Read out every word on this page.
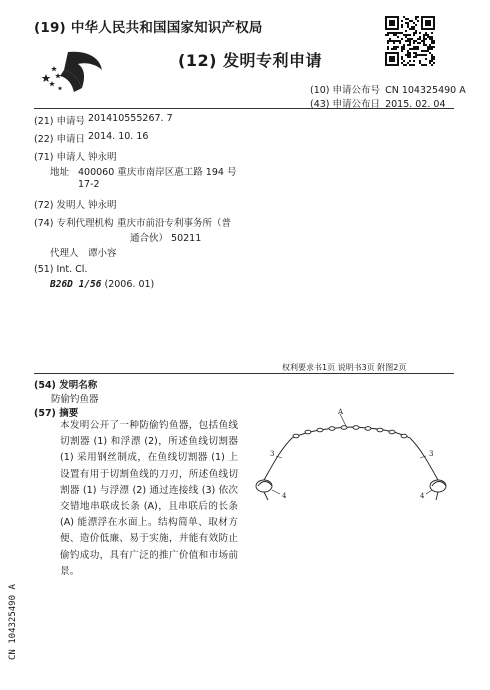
(19) 中华人民共和国国家知识产权局
(12) 发明专利申请
(10) 申请公布号 CN 104325490 A
(43) 申请公布日 2015. 02. 04
(21) 申请号 201410555267. 7
(22) 申请日 2014. 10. 16
(71) 申请人 钟永明
地址 400060 重庆市南岸区惠工路 194 号
17-2
(72) 发明人 钟永明
(74) 专利代理机构 重庆市前沿专利事务所（普
通合伙） 50211
代理人 谭小容
(51) Int. Cl.
B26D 1/56 (2006. 01)
权利要求书1页 说明书3页 附图2页
(54) 发明名称
防偷钓鱼器
(57) 摘要
本发明公开了一种防偷钓鱼器，包括鱼线切割器 (1) 和浮漂 (2)，所述鱼线切割器 (1) 采用钢丝制成，在鱼线切割器 (1) 上设置有用于切割鱼线的刀刃，所述鱼线切割器 (1) 与浮漂 (2) 通过连接线 (3) 依次交错地串联成长条 (A)，且串联后的长条 (A) 能漂浮在水面上。结构简单、取材方便、造价低廉、易于实施，并能有效防止偷钓成功，具有广泛的推广价值和市场前景。
A
3	3
4	4
CN 104325490 A
